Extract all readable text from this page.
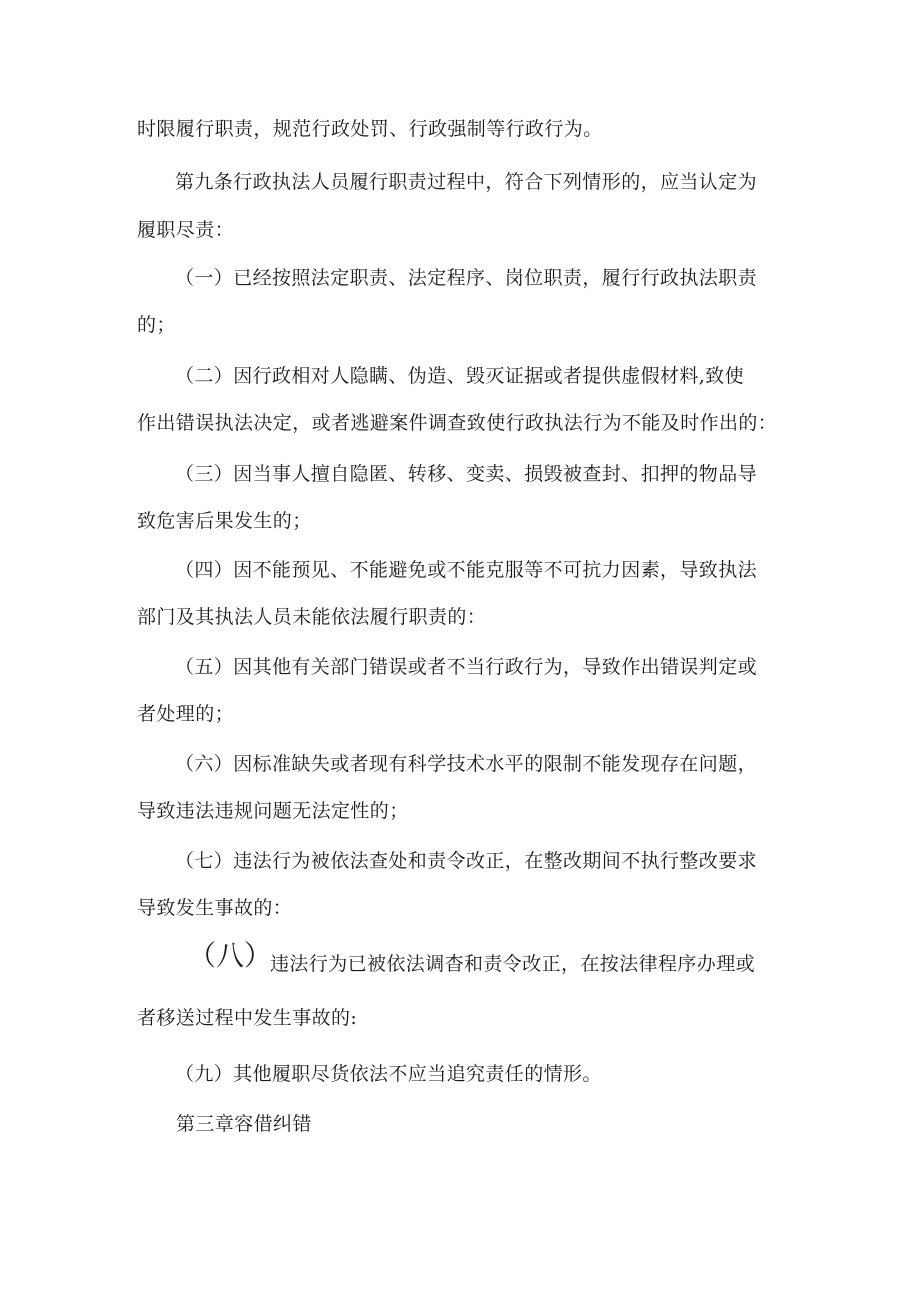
时限履行职责，规范行政处罚、行政强制等行政行为。
第九条行政执法人员履行职责过程中，符合下列情形的，应当认定为
履职尽责：
（一）已经按照法定职责、法定程序、岗位职责，履行行政执法职责
的；
（二）因行政相对人隐瞒、伪造、毁灭证据或者提供虚假材料,致使
作出错误执法决定，或者逃避案件调查致使行政执法行为不能及时作出的：
（三）因当事人擅自隐匿、转移、变卖、损毁被查封、扣押的物品导
致危害后果发生的；
（四）因不能预见、不能避免或不能克服等不可抗力因素，导致执法
部门及其执法人员未能依法履行职责的：
（五）因其他有关部门错误或者不当行政行为，导致作出错误判定或
者处理的；
（六）因标准缺失或者现有科学技术水平的限制不能发现存在问题，
导致违法违规问题无法定性的；
（七）违法行为被依法查处和责令改正，在整改期间不执行整改要求
导致发生事故的：
（八）
违法行为已被依法调杳和责令改正，在按法律程序办理或
者移送过程中发生事故的:
（九）其他履职尽货依法不应当追究责任的情形。
第三章容借纠错
